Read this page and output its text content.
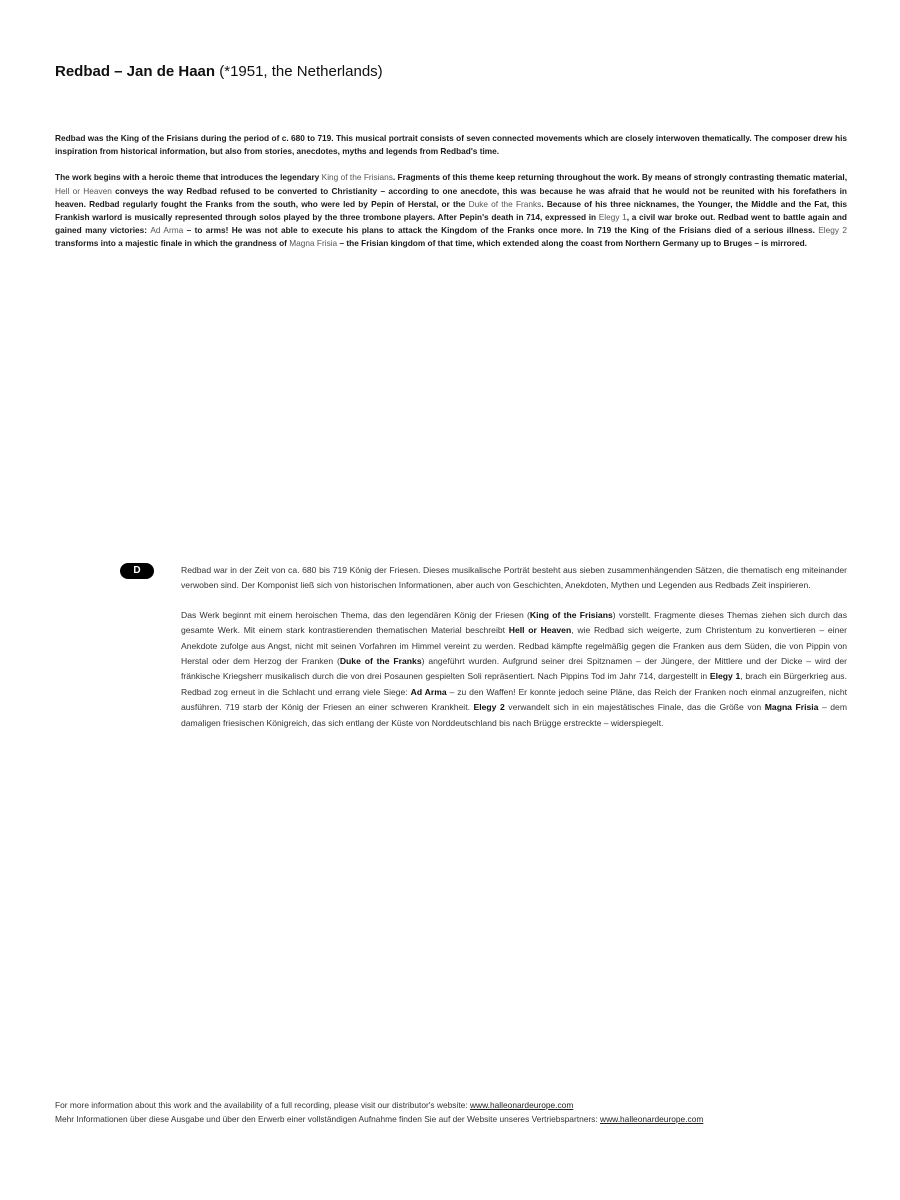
Redbad – Jan de Haan (*1951, the Netherlands)

Redbad was the King of the Frisians during the period of c. 680 to 719. This musical portrait consists of seven connected movements which are closely interwoven thematically. The composer drew his inspiration from historical information, but also from stories, anecdotes, myths and legends from Redbad's time.

The work begins with a heroic theme that introduces the legendary King of the Frisians. Fragments of this theme keep returning throughout the work. By means of strongly contrasting thematic material, Hell or Heaven conveys the way Redbad refused to be converted to Christianity – according to one anecdote, this was because he was afraid that he would not be reunited with his forefathers in heaven. Redbad regularly fought the Franks from the south, who were led by Pepin of Herstal, or the Duke of the Franks. Because of his three nicknames, the Younger, the Middle and the Fat, this Frankish warlord is musically represented through solos played by the three trombone players. After Pepin's death in 714, expressed in Elegy 1, a civil war broke out. Redbad went to battle again and gained many victories: Ad Arma – to arms! He was not able to execute his plans to attack the Kingdom of the Franks once more. In 719 the King of the Frisians died of a serious illness. Elegy 2 transforms into a majestic finale in which the grandness of Magna Frisia – the Frisian kingdom of that time, which extended along the coast from Northern Germany up to Bruges – is mirrored.

D	Redbad war in der Zeit von ca. 680 bis 719 König der Friesen. Dieses musikalische Porträt besteht aus sieben zusammenhängenden Sätzen, die thematisch eng miteinander verwoben sind. Der Komponist ließ sich von historischen Informationen, aber auch von Geschichten, Anekdoten, Mythen und Legenden aus Redbads Zeit inspirieren.

Das Werk beginnt mit einem heroischen Thema, das den legendären König der Friesen (King of the Frisians) vorstellt. Fragmente dieses Themas ziehen sich durch das gesamte Werk. Mit einem stark kontrastierenden thematischen Material beschreibt Hell or Heaven, wie Redbad sich weigerte, zum Christentum zu konvertieren – einer Anekdote zufolge aus Angst, nicht mit seinen Vorfahren im Himmel vereint zu werden. Redbad kämpfte regelmäßig gegen die Franken aus dem Süden, die von Pippin von Herstal oder dem Herzog der Franken (Duke of the Franks) angeführt wurden. Aufgrund seiner drei Spitznamen – der Jüngere, der Mittlere und der Dicke – wird der fränkische Kriegsherr musikalisch durch die von drei Posaunen gespielten Soli repräsentiert. Nach Pippins Tod im Jahr 714, dargestellt in Elegy 1, brach ein Bürgerkrieg aus. Redbad zog erneut in die Schlacht und errang viele Siege: Ad Arma – zu den Waffen! Er konnte jedoch seine Pläne, das Reich der Franken noch einmal anzugreifen, nicht ausführen. 719 starb der König der Friesen an einer schweren Krankheit. Elegy 2 verwandelt sich in ein majestätisches Finale, das die Größe von Magna Frisia – dem damaligen friesischen Königreich, das sich entlang der Küste von Norddeutschland bis nach Brügge erstreckte – widerspiegelt.

For more information about this work and the availability of a full recording, please visit our distributor's website: www.halleonardeurope.com

Mehr Informationen über diese Ausgabe und über den Erwerb einer vollständigen Aufnahme finden Sie auf der Website unseres Vertriebspartners: www.halleonardeurope.com
